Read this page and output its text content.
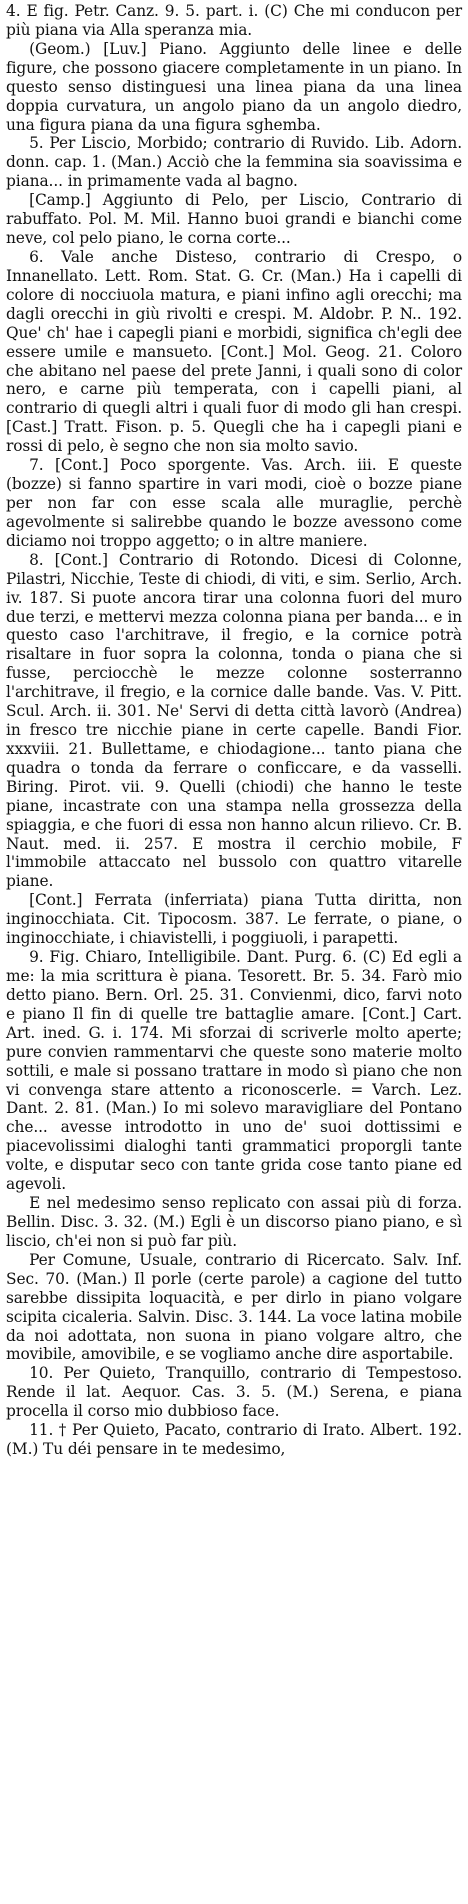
4. E fig. Petr. Canz. 9. 5. part. i. (C) Che mi conducon per più piana via Alla speranza mia.

(Geom.) [Luv.] Piano. Aggiunto delle linee e delle figure, che possono giacere completamente in un piano. In questo senso distinguesi una linea piana da una linea doppia curvatura, un angolo piano da un angolo diedro, una figura piana da una figura sghemba.

5. Per Liscio, Morbido; contrario di Ruvido. Lib. Adorn. donn. cap. 1. (Man.) Acciò che la femmina sia soavissima e piana... in primamente vada al bagno.

[Camp.] Aggiunto di Pelo, per Liscio, Contrario di rabuffato. Pol. M. Mil. Hanno buoi grandi e bianchi come neve, col pelo piano, le corna corte...

6. Vale anche Disteso, contrario di Crespo, o Innanellato. Lett. Rom. Stat. G. Cr. (Man.) Ha i capelli di colore di nocciuola matura, e piani infino agli orecchi; ma dagli orecchi in giù rivolti e crespi. M. Aldobr. P. N.. 192. Que' ch' hae i capegli piani e morbidi, significa ch'egli dee essere umile e mansueto. [Cont.] Mol. Geog. 21. Coloro che abitano nel paese del prete Janni, i quali sono di color nero, e carne più temperata, con i capelli piani, al contrario di quegli altri i quali fuor di modo gli han crespi. [Cast.] Tratt. Fison. p. 5. Quegli che ha i capegli piani e rossi di pelo, è segno che non sia molto savio.

7. [Cont.] Poco sporgente. Vas. Arch. iii. E queste (bozze) si fanno spartire in vari modi, cioè o bozze piane per non far con esse scala alle muraglie, perchè agevolmente si salirebbe quando le bozze avessono come diciamo noi troppo aggetto; o in altre maniere.

8. [Cont.] Contrario di Rotondo. Dicesi di Colonne, Pilastri, Nicchie, Teste di chiodi, di viti, e sim. Serlio, Arch. iv. 187. Si puote ancora tirar una colonna fuori del muro due terzi, e mettervi mezza colonna piana per banda... e in questo caso l'architrave, il fregio, e la cornice potrà risaltare in fuor sopra la colonna, tonda o piana che si fusse, perciocchè le mezze colonne sosterranno l'architrave, il fregio, e la cornice dalle bande. Vas. V. Pitt. Scul. Arch. ii. 301. Ne' Servi di detta città lavorò (Andrea) in fresco tre nicchie piane in certe capelle. Bandi Fior. xxxviii. 21. Bullettame, e chiodagione... tanto piana che quadra o tonda da ferrare o conficcare, e da vasselli. Biring. Pirot. vii. 9. Quelli (chiodi) che hanno le teste piane, incastrate con una stampa nella grossezza della spiaggia, e che fuori di essa non hanno alcun rilievo. Cr. B. Naut. med. ii. 257. E mostra il cerchio mobile, F l'immobile attaccato nel bussolo con quattro vitarelle piane.

[Cont.] Ferrata (inferriata) piana Tutta diritta, non inginocchiata. Cit. Tipocosm. 387. Le ferrate, o piane, o inginocchiate, i chiavistelli, i poggiuoli, i parapetti.

9. Fig. Chiaro, Intelligibile. Dant. Purg. 6. (C) Ed egli a me: la mia scrittura è piana. Tesorett. Br. 5. 34. Farò mio detto piano. Bern. Orl. 25. 31. Convienmi, dico, farvi noto e piano Il fin di quelle tre battaglie amare. [Cont.] Cart. Art. ined. G. i. 174. Mi sforzai di scriverle molto aperte; pure convien rammentarvi che queste sono materie molto sottili, e male si possano trattare in modo sì piano che non vi convenga stare attento a riconoscerle. = Varch. Lez. Dant. 2. 81. (Man.) Io mi solevo maravigliare del Pontano che... avesse introdotto in uno de' suoi dottissimi e piacevolissimi dialoghi tanti grammatici proporgli tante volte, e disputar seco con tante grida cose tanto piane ed agevoli.

E nel medesimo senso replicato con assai più di forza. Bellin. Disc. 3. 32. (M.) Egli è un discorso piano piano, e sì liscio, ch'ei non si può far più.

Per Comune, Usuale, contrario di Ricercato. Salv. Inf. Sec. 70. (Man.) Il porle (certe parole) a cagione del tutto sarebbe dissipita loquacità, e per dirlo in piano volgare scipita cicaleria. Salvin. Disc. 3. 144. La voce latina mobile da noi adottata, non suona in piano volgare altro, che movibile, amovibile, e se vogliamo anche dire asportabile.

10. Per Quieto, Tranquillo, contrario di Tempestoso. Rende il lat. Aequor. Cas. 3. 5. (M.) Serena, e piana procella il corso mio dubbioso face.

11. † Per Quieto, Pacato, contrario di Irato. Albert. 192. (M.) Tu déi pensare in te medesimo,
